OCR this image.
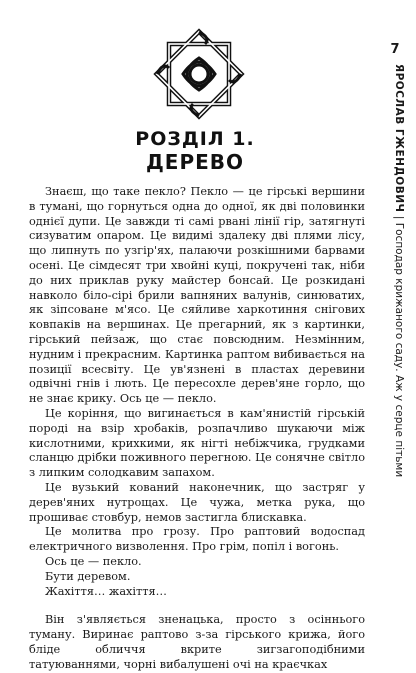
РОЗДІЛ 1.
ДЕРЕВО

Знаєш, що таке пекло? Пекло — це гірські вершини в тумані, що горнуться одна до одної, як дві половинки однієї дупи. Це завжди ті самі рвані лінії гір, затягнуті сизуватим опаром. Це видимі здалеку дві плями лісу, що липнуть по узгір'ях, палаючи розкішними барвами осені. Це сімдесят три хвойні куці, покручені так, ніби до них приклав руку майстер бонсай. Це розкидані навколо біло-сірі брили вапняних валунів, синюватих, як зіпсоване м'ясо. Це сяйливе харкотиння снігових ковпаків на вершинах. Це прегарний, як з картинки, гірський пейзаж, що стає повсюдним. Незмінним, нудним і прекрасним. Картинка раптом вибивається на позиції всесвіту. Це ув'язнені в пластах деревини одвічні гнів і лють. Це пересохле дерев'яне горло, що не знає крику. Ось це — пекло.

Це коріння, що вигинається в кам'янистій гірській породі на взір хробаків, розпачливо шукаючи між кислотними, крихкими, як нігті небіжчика, грудками сланцю дрібки поживного перегною. Це сонячне світло з липким солодкавим запахом.

Це вузький кований наконечник, що застряг у дерев'яних нутрощах. Це чужа, метка рука, що прошиває стовбур, немов застигла блискавка.

Це молитва про грозу. Про раптовий водоспад електричного визволення. Про грім, попіл і вогонь.

Ось це — пекло.

Бути деревом.

Жахіття… жахіття…

Він з'являється зненацька, просто з осіннього туману. Виринає раптово з-за гірського крижа, його бліде обличчя вкрите зигзагоподібними татуюваннями, чорні вибалушені очі на краєчках

7
ЯРОСЛАВ ГЖЕНДОВИЧ | Господар крижаного саду. Аж у серце пітьми
